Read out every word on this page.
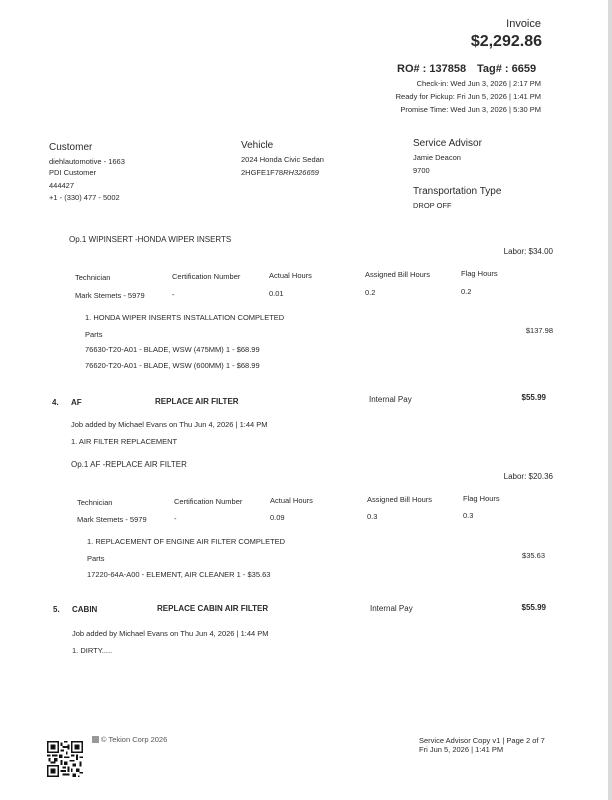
Invoice
$2,292.86
RO# : 137858 Tag# : 6659
Check-in: Wed Jun 3, 2026 | 2:17 PM
Ready for Pickup: Fri Jun 5, 2026 | 1:41 PM
Promise Time: Wed Jun 3, 2026 | 5:30 PM
Customer
diehlautomotive - 1663
PDI Customer
444427
+1 - (330) 477 - 5002
Vehicle
2024 Honda Civic Sedan
2HGFE1F78RH326659
Service Advisor
Jamie Deacon
9700
Transportation Type
DROP OFF
Op.1 WIPINSERT -HONDA WIPER INSERTS
Labor: $34.00
Technician	Certification Number	Actual Hours	Assigned Bill Hours	Flag Hours
Mark Stemets - 5979	-	0.01	0.2	0.2
1. HONDA WIPER INSERTS INSTALLATION COMPLETED
Parts	$137.98
76630-T20-A01 - BLADE, WSW (475MM) 1 - $68.99
76620-T20-A01 - BLADE, WSW (600MM) 1 - $68.99
4. AF	REPLACE AIR FILTER	Internal Pay	$55.99
Job added by Michael Evans on Thu Jun 4, 2026 | 1:44 PM
1. AIR FILTER REPLACEMENT
Op.1 AF -REPLACE AIR FILTER
Labor: $20.36
Technician	Certification Number	Actual Hours	Assigned Bill Hours	Flag Hours
Mark Stemets - 5979	-	0.09	0.3	0.3
1. REPLACEMENT OF ENGINE AIR FILTER COMPLETED
Parts	$35.63
17220-64A-A00 - ELEMENT, AIR CLEANER 1 - $35.63
5. CABIN	REPLACE CABIN AIR FILTER	Internal Pay	$55.99
Job added by Michael Evans on Thu Jun 4, 2026 | 1:44 PM
1. DIRTY.....
© Tekion Corp 2026	Service Advisor Copy v1 | Page 2 of 7
Fri Jun 5, 2026 | 1:41 PM
